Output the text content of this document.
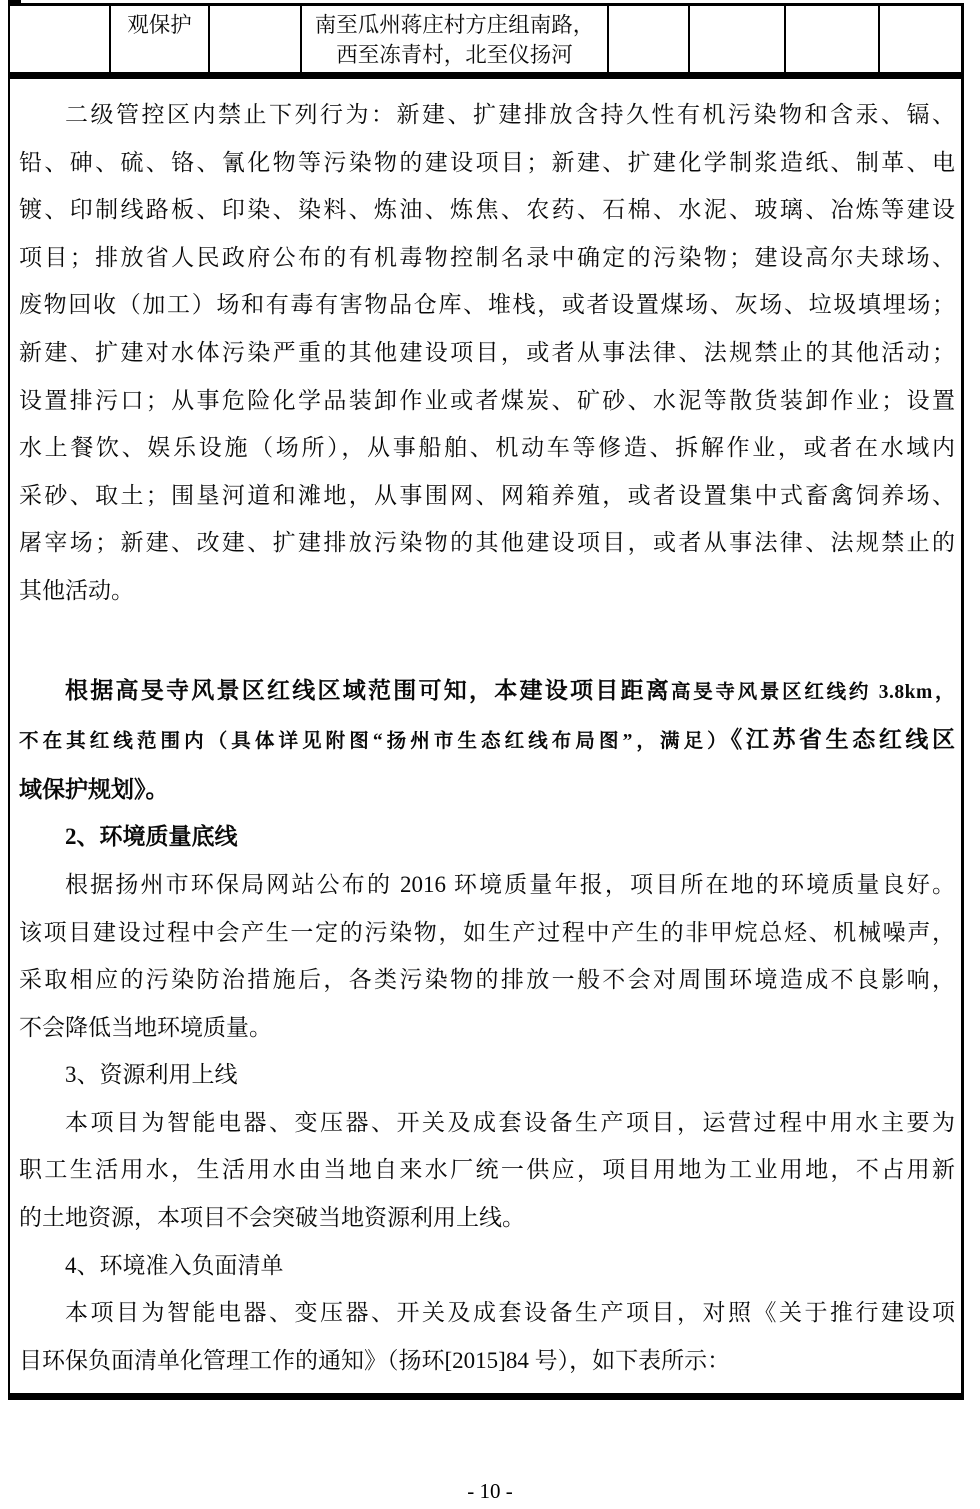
观保护	南至瓜州蒋庄村方庄组南路，
西至冻青村，北至仪扬河
二级管控区内禁止下列行为：新建、扩建排放含持久性有机污染物和含汞、镉、
铅、砷、硫、铬、氰化物等污染物的建设项目；新建、扩建化学制浆造纸、制革、电
镀、印制线路板、印染、染料、炼油、炼焦、农药、石棉、水泥、玻璃、冶炼等建设
项目；排放省人民政府公布的有机毒物控制名录中确定的污染物；建设高尔夫球场、
废物回收（加工）场和有毒有害物品仓库、堆栈，或者设置煤场、灰场、垃圾填埋场；
新建、扩建对水体污染严重的其他建设项目，或者从事法律、法规禁止的其他活动；
设置排污口；从事危险化学品装卸作业或者煤炭、矿砂、水泥等散货装卸作业；设置
水上餐饮、娱乐设施（场所），从事船舶、机动车等修造、拆解作业，或者在水域内
采砂、取土；围垦河道和滩地，从事围网、网箱养殖，或者设置集中式畜禽饲养场、
屠宰场；新建、改建、扩建排放污染物的其他建设项目，或者从事法律、法规禁止的
其他活动。
根据高旻寺风景区红线区域范围可知，本建设项目距离高旻寺风景区红线约 3.8km，
不在其红线范围内（具体详见附图“扬州市生态红线布局图”，满足）《江苏省生态红线区
域保护规划》。
2、环境质量底线
根据扬州市环保局网站公布的 2016 环境质量年报，项目所在地的环境质量良好。
该项目建设过程中会产生一定的污染物，如生产过程中产生的非甲烷总烃、机械噪声，
采取相应的污染防治措施后，各类污染物的排放一般不会对周围环境造成不良影响，
不会降低当地环境质量。
3、资源利用上线
本项目为智能电器、变压器、开关及成套设备生产项目，运营过程中用水主要为
职工生活用水，生活用水由当地自来水厂统一供应，项目用地为工业用地，不占用新
的土地资源，本项目不会突破当地资源利用上线。
4、环境准入负面清单
本项目为智能电器、变压器、开关及成套设备生产项目，对照《关于推行建设项
目环保负面清单化管理工作的通知》（扬环[2015]84 号），如下表所示：
- 10 -
